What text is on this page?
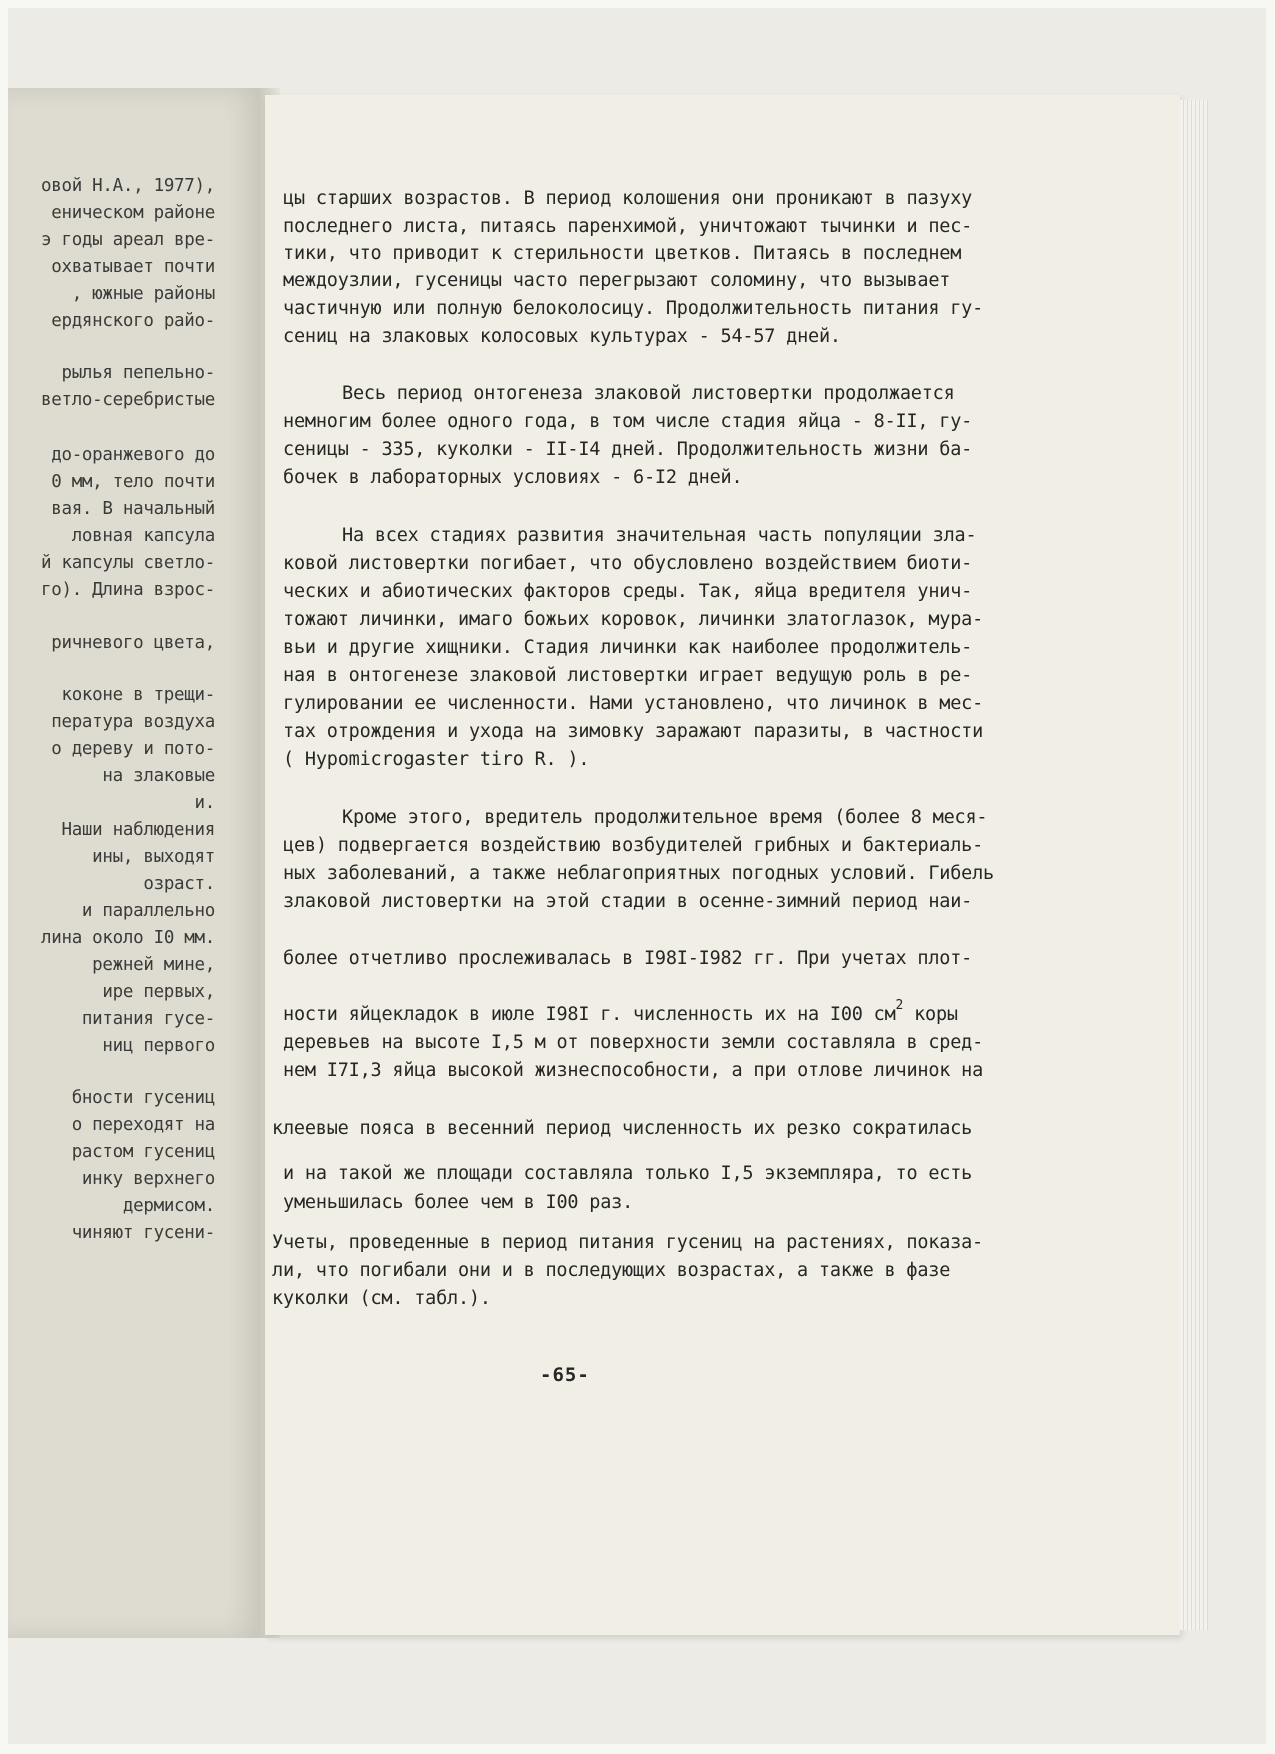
овой Н.А., 1977),
еническом районе
э годы ареал вре-
охватывает почти
, южные районы
ердянского райо-
рылья пепельно-
ветло-серебристые
до-оранжевого до
0 мм, тело почти
вая. В начальный
ловная капсула
й капсулы светло-
го). Длина взрос-
ричневого цвета,
коконе в трещи-
пература воздуха
о дереву и пото-
на злаковые
и.
Наши наблюдения
ины, выходят
озраст.
и параллельно
лина около I0 мм.
режней мине,
ире первых,
питания гусе-
ниц первого
бности гусениц
о переходят на
растом гусениц
инку верхнего
дермисом.
чиняют гусени-
цы старших возрастов. В период колошения они проникают в пазуху
последнего листа, питаясь паренхимой, уничтожают тычинки и пес-
тики, что приводит к стерильности цветков. Питаясь в последнем
междоузлии, гусеницы часто перегрызают соломину, что вызывает
частичную или полную белоколосицу. Продолжительность питания гу-
сениц на злаковых колосовых культурах - 54-57 дней.
Весь период онтогенеза злаковой листовертки продолжается
немногим более одного года, в том числе стадия яйца - 8-II, гу-
сеницы - 335, куколки - II-I4 дней. Продолжительность жизни ба-
бочек в лабораторных условиях - 6-I2 дней.
На всех стадиях развития значительная часть популяции зла-
ковой листовертки погибает, что обусловлено воздействием биоти-
ческих и абиотических факторов среды. Так, яйца вредителя унич-
тожают личинки, имаго божьих коровок, личинки златоглазок, мура-
вьи и другие хищники. Стадия личинки как наиболее продолжитель-
ная в онтогенезе злаковой листовертки играет ведущую роль в ре-
гулировании ее численности. Нами установлено, что личинок в мес-
тах отрождения и ухода на зимовку заражают паразиты, в частности
( Hypomicrogaster tiro R. ).
Кроме этого, вредитель продолжительное время (более 8 меся-
цев) подвергается воздействию возбудителей грибных и бактериаль-
ных заболеваний, а также неблагоприятных погодных условий. Гибель
злаковой листовертки на этой стадии в осенне-зимний период наи-
более отчетливо прослеживалась в I98I-I982 гг. При учетах плот-
ности яйцекладок в июле I98I г. численность их на I00 $см^2$ коры
деревьев на высоте I,5 м от поверхности земли составляла в сред-
нем I7I,3 яйца высокой жизнеспособности, а при отлове личинок на
клеевые пояса в весенний период численность их резко сократилась
и на такой же площади составляла только I,5 экземпляра, то есть
уменьшилась более чем в I00 раз.
Учеты, проведенные в период питания гусениц на растениях, показа-
ли, что погибали они и в последующих возрастах, а также в фазе
куколки (см. табл.).
-65-
